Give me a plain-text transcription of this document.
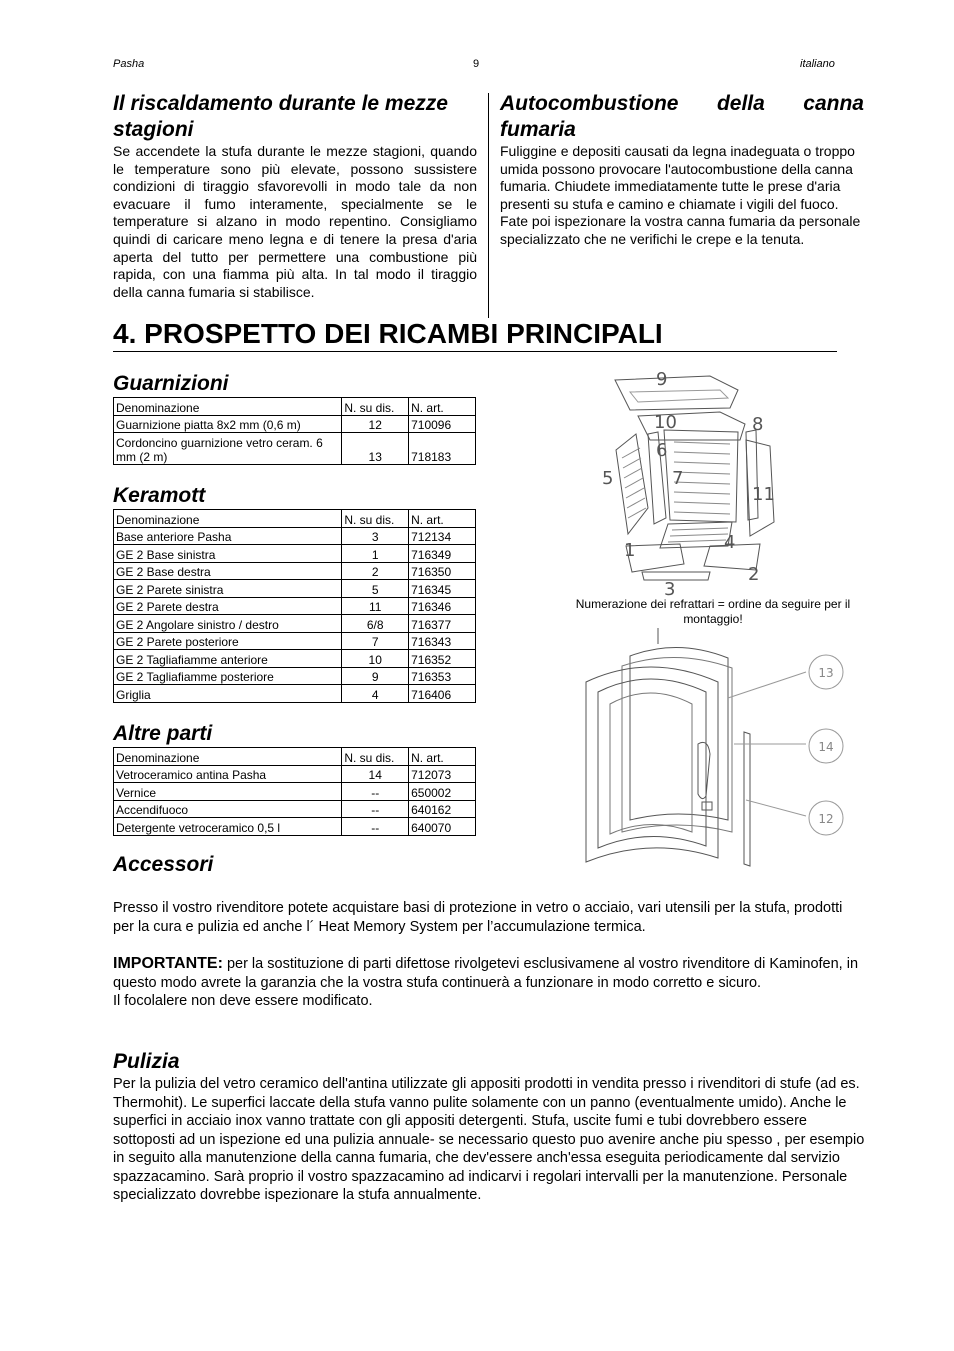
Pasha	9	italiano
Il riscaldamento durante le mezze stagioni

Se accendete la stufa durante le mezze stagioni, quando le temperature sono più elevate, possono sussistere condizioni di tiraggio sfavorevolli in modo tale da non evacuare il fumo interamente, specialmente se le temperature si alzano in modo repentino. Consigliamo quindi di caricare meno legna e di tenere la presa d'aria aperta del tutto per permettere una combustione più rapida, con una fiamma più alta. In tal modo il tiraggio della canna fumaria si stabilisce.

Autocombustione della canna fumaria

Fuliggine e depositi causati da legna inadeguata o troppo umida possono provocare l'autocombustione della canna fumaria. Chiudete immediatamente tutte le prese d'aria presenti su stufa e camino e chiamate i vigili del fuoco. Fate poi ispezionare la vostra canna fumaria da personale specializzato che ne verifichi le crepe e la tenuta.

4. PROSPETTO DEI RICAMBI PRINCIPALI
Guarnizioni
Denominazione	N. su dis.	N. art.
Guarnizione piatta 8x2 mm (0,6 m)	12	710096
Cordoncino guarnizione vetro ceram. 6 mm (2 m)	13	718183
Keramott
Denominazione	N. su dis.	N. art.
Base anteriore Pasha	3	712134
GE 2 Base sinistra	1	716349
GE 2 Base destra	2	716350
GE 2 Parete sinistra	5	716345
GE 2 Parete destra	11	716346
GE 2 Angolare sinistro / destro	6/8	716377
GE 2 Parete posteriore	7	716343
GE 2 Tagliafiamme anteriore	10	716352
GE 2 Tagliafiamme posteriore	9	716353
Griglia	4	716406
Altre parti
Denominazione	N. su dis.	N. art.
Vetroceramico antina Pasha	14	712073
Vernice	--	650002
Accendifuoco	--	640162
Detergente vetroceramico 0,5 l	--	640070
9
10	8
6
7
5
11
1	4
2
3
Numerazione dei refrattari = ordine da seguire per il montaggio!
13
14
12
Accessori

Presso il vostro rivenditore potete acquistare basi di protezione in vetro o acciaio, vari utensili per la stufa, prodotti per la cura e pulizia ed anche l´ Heat Memory System per l’accumulazione termica.

IMPORTANTE: per la sostituzione di parti difettose rivolgetevi esclusivamene al vostro rivenditore di Kaminofen, in questo modo avrete la garanzia che la vostra stufa continuerà a funzionare in modo corretto e sicuro.
Il focolalere non deve essere modificato.
Pulizia

Per la pulizia del vetro ceramico dell'antina utilizzate gli appositi prodotti in vendita presso i rivenditori di stufe (ad es. Thermohit). Le superfici laccate della stufa vanno pulite solamente con un panno (eventualmente umido). Anche le superfici in acciaio inox vanno trattate con gli appositi detergenti. Stufa, uscite fumi e tubi dovrebbero essere sottoposti ad un ispezione ed una pulizia annuale- se necessario questo puo avenire anche piu spesso , per esempio in seguito alla manutenzione della canna fumaria, che dev'essere anch'essa eseguita periodicamente dal servizio spazzacamino. Sarà proprio il vostro spazzacamino ad indicarvi i regolari intervalli per la manutenzione. Personale specializzato dovrebbe ispezionare la stufa annualmente.
